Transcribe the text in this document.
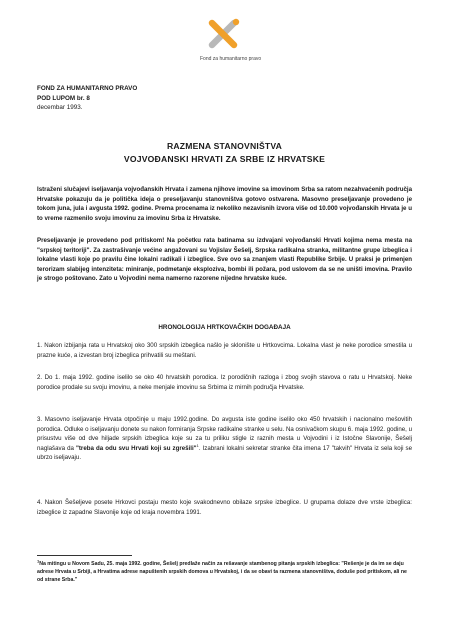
Fond za humanitarno pravo
FOND ZA HUMANITARNO PRAVO
POD LUPOM br. 8
decembar 1993.
RAZMENA STANOVNIŠTVA
VOJVOĐANSKI HRVATI ZA SRBE IZ HRVATSKE
Istraženi slučajevi iseljavanja vojvođanskih Hrvata i zamena njihove imovine sa imovinom Srba sa ratom nezahvaćenih područja Hrvatske pokazuju da je politička ideja o preseljavanju stanovništva gotovo ostvarena. Masovno preseljavanje provedeno je tokom juna, jula i avgusta 1992. godine. Prema procenama iz nekoliko nezavisnih izvora više od 10.000 vojvođanskih Hrvata je u to vreme razmenilo svoju imovinu za imovinu Srba iz Hrvatske.
Preseljavanje je provedeno pod pritiskom! Na početku rata batinama su izdvajani vojvođanski Hrvati kojima nema mesta na "srpskoj teritoriji". Za zastrašivanje većine angažovani su Vojislav Šešelj, Srpska radikalna stranka, militantne grupe izbeglica i lokalne vlasti koje po pravilu čine lokalni radikali i izbeglice. Sve ovo sa znanjem vlasti Republike Srbije. U praksi je primenjen terorizam slabijeg intenziteta: miniranje, podmetanje eksploziva, bombi ili požara, pod uslovom da se ne uništi imovina. Pravilo je strogo poštovano. Zato u Vojvodini nema namerno razorene nijedne hrvatske kuće.
HRONOLOGIJA HRTKOVAČKIH DOGAĐAJA
1. Nakon izbijanja rata u Hrvatskoj oko 300 srpskih izbeglica našlo je sklonište u Hrtkovcima. Lokalna vlast je neke porodice smestila u prazne kuće, a izvestan broj izbeglica prihvatili su meštani.
2. Do 1. maja 1992. godine iselilo se oko 40 hrvatskih porodica. Iz porodičnih razloga i zbog svojih stavova o ratu u Hrvatskoj. Neke porodice prodale su svoju imovinu, a neke menjale imovinu sa Srbima iz mirnih područja Hrvatske.
3. Masovno iseljavanje Hrvata otpočinje u maju 1992.godine. Do avgusta iste godine iselilo oko 450 hrvatskih i nacionalno mešovitih porodica. Odluke o iseljavanju donete su nakon formiranja Srpske radikalne stranke u selu. Na osnivačkom skupu 6. maja 1992. godine, u prisustvu više od dve hiljade srpskih izbeglica koje su za tu priliku stigle iz raznih mesta u Vojvodini i iz Istočne Slavonije, Šešelj naglašava da "treba da odu svu Hrvati koji su zgrešili"$^1$. Izabrani lokalni sekretar stranke čita imena 17 "takvih" Hrvata iz sela koji se ubrzo iseljavaju.
4. Nakon Šešeljeve posete Hrkovci postaju mesto koje svakodnevno obilaze srpske izbeglice. U grupama dolaze dve vrste izbeglica: izbeglice iz zapadne Slavonije koje od kraja novembra 1991.
$^1$Na mitingu u Novom Sadu, 25. maja 1992. godine, Šešelj predlaže način za rešavanje stambenog pitanja srpskih izbeglica: "Rešenje je da im se daju adrese Hrvata u Srbiji, a Hrvatima adrese napuštenih srpskih domova u Hrvatskoj, i da se obavi ta razmena stanovništva, doduše pod pritiskom, ali ne od strane Srba."
